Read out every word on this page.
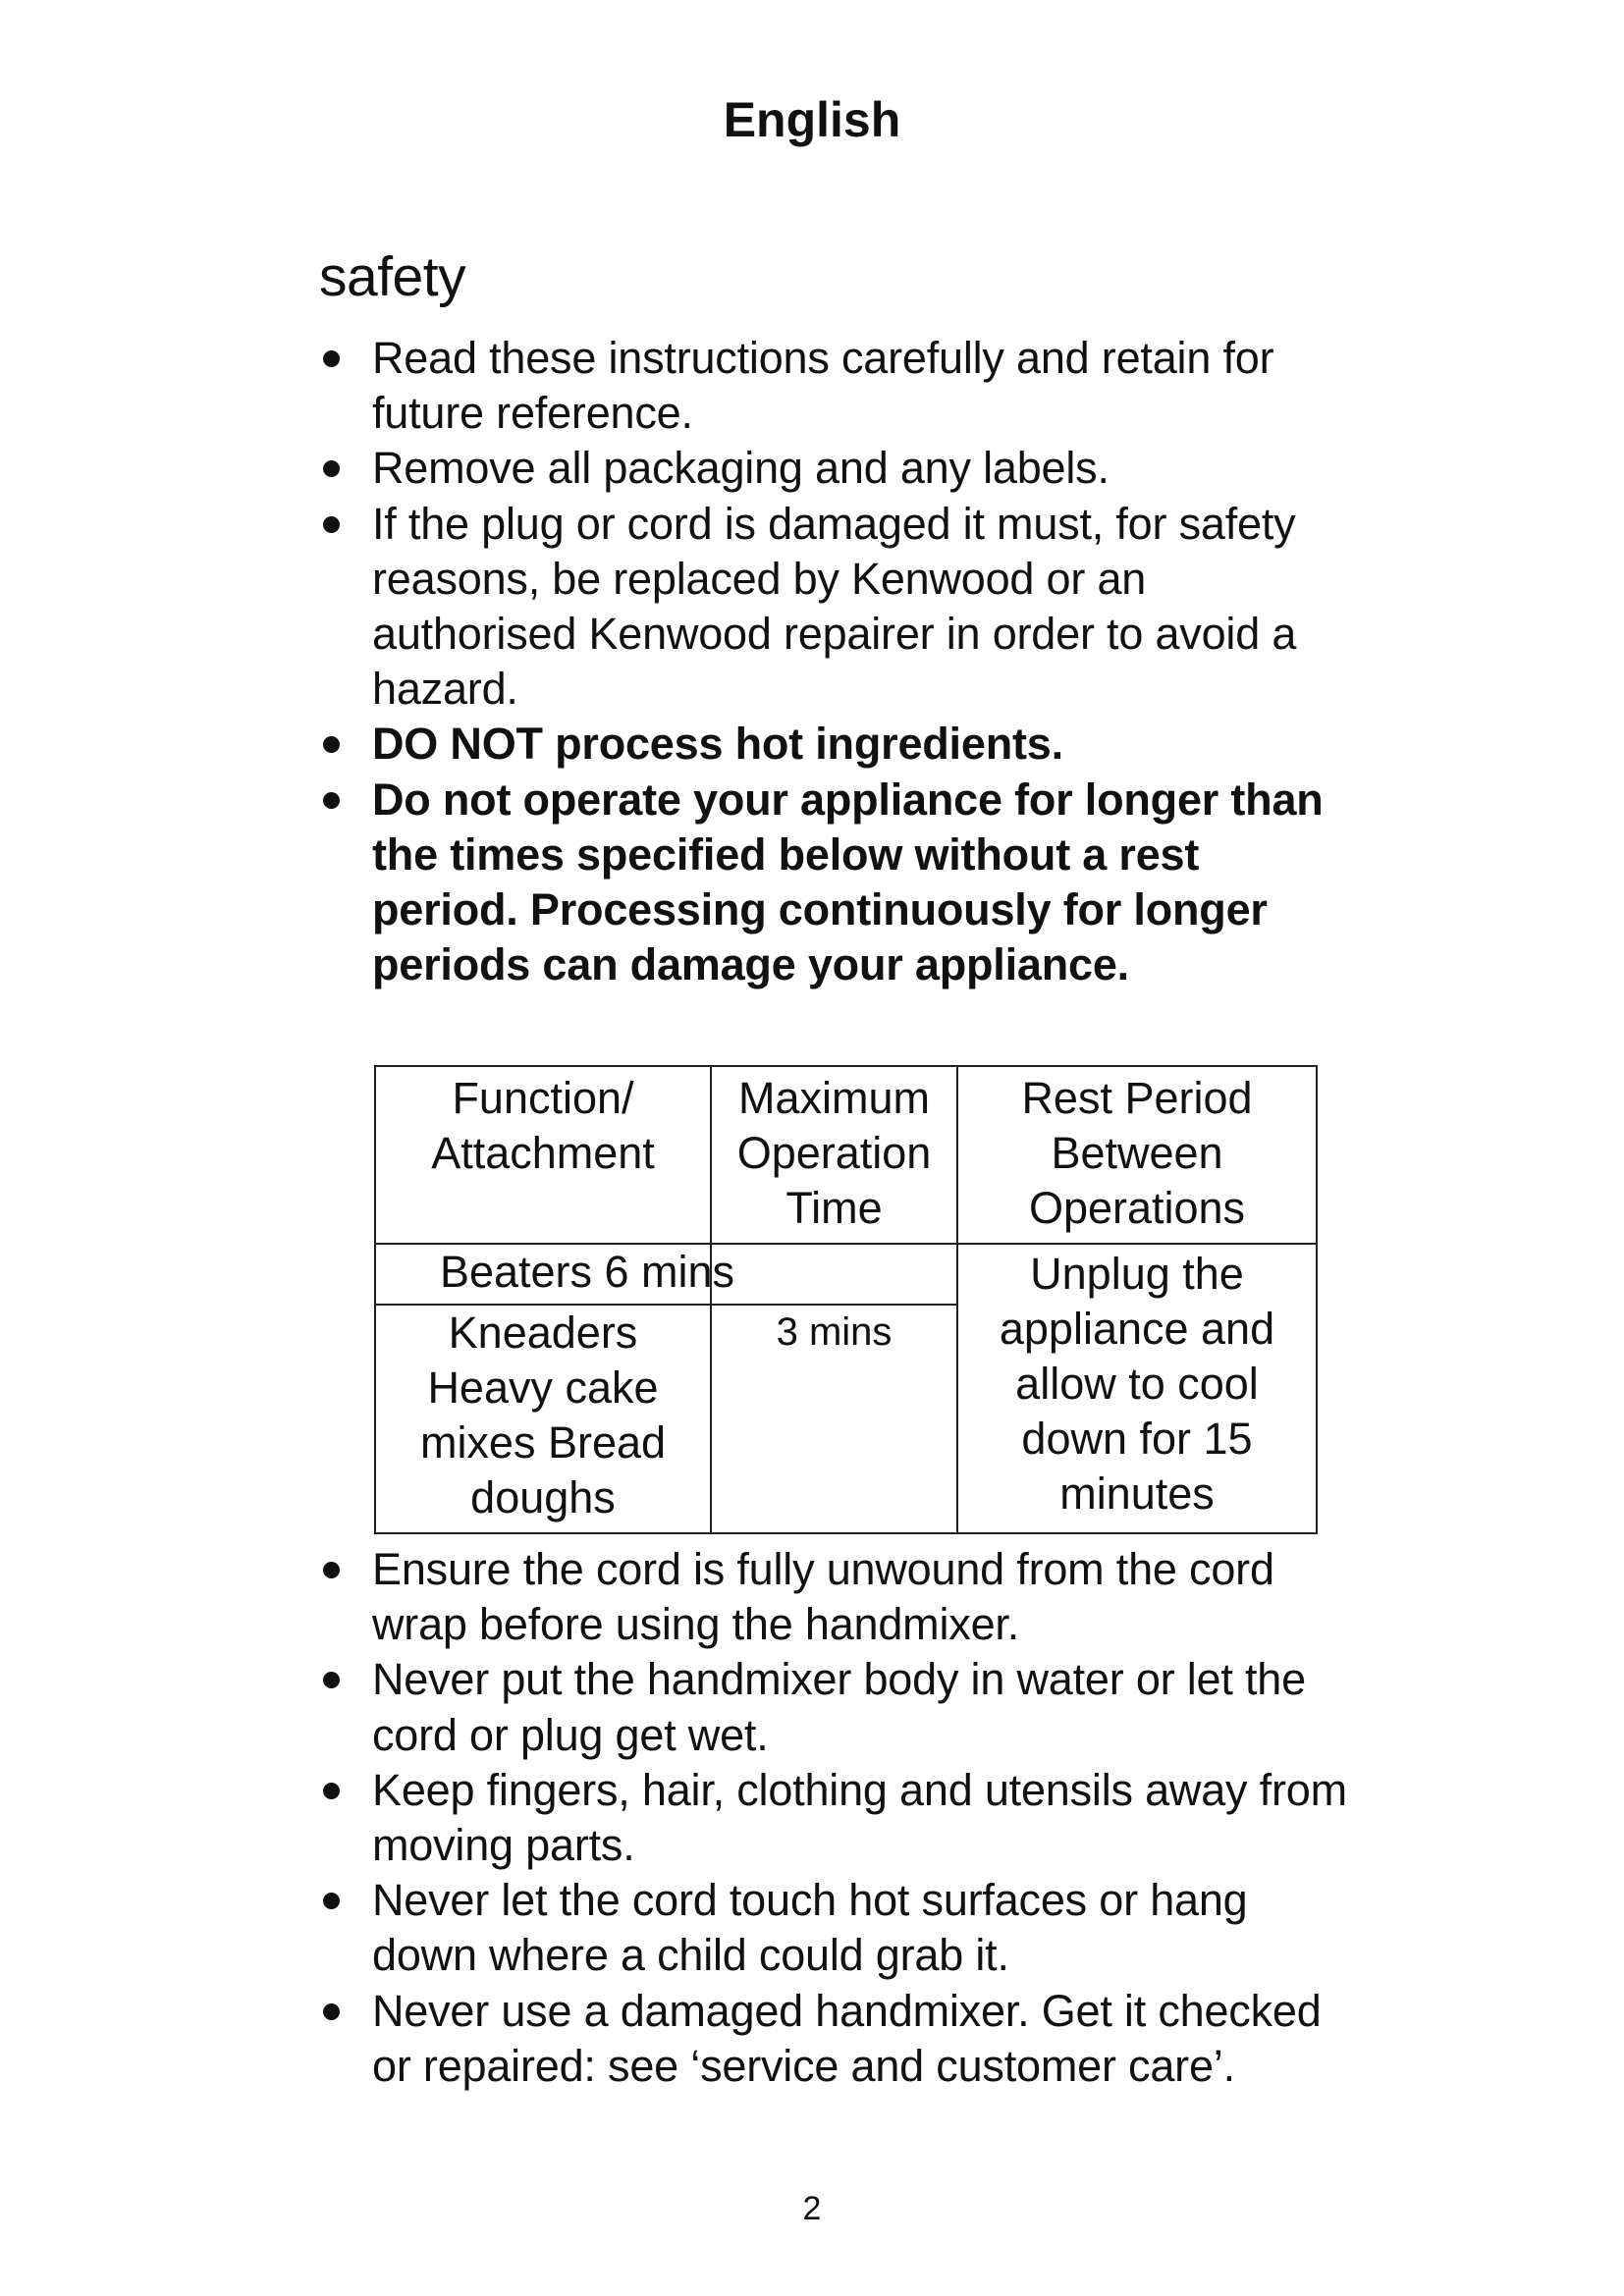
English
safety
Read these instructions carefully and retain for future reference.
Remove all packaging and any labels.
If the plug or cord is damaged it must, for safety reasons, be replaced by Kenwood or an authorised Kenwood repairer in order to avoid a hazard.
DO NOT process hot ingredients.
Do not operate your appliance for longer than the times specified below without a rest period. Processing continuously for longer periods can damage your appliance.
Function/ Attachment
Maximum Operation Time
Rest Period Between Operations
Beaters 6 mins
Kneaders Heavy cake mixes Bread doughs
3 mins
Unplug the appliance and allow to cool down for 15 minutes
Ensure the cord is fully unwound from the cord wrap before using the handmixer.
Never put the handmixer body in water or let the cord or plug get wet.
Keep fingers, hair, clothing and utensils away from moving parts.
Never let the cord touch hot surfaces or hang down where a child could grab it.
Never use a damaged handmixer. Get it checked or repaired: see ‘service and customer care’.
2
